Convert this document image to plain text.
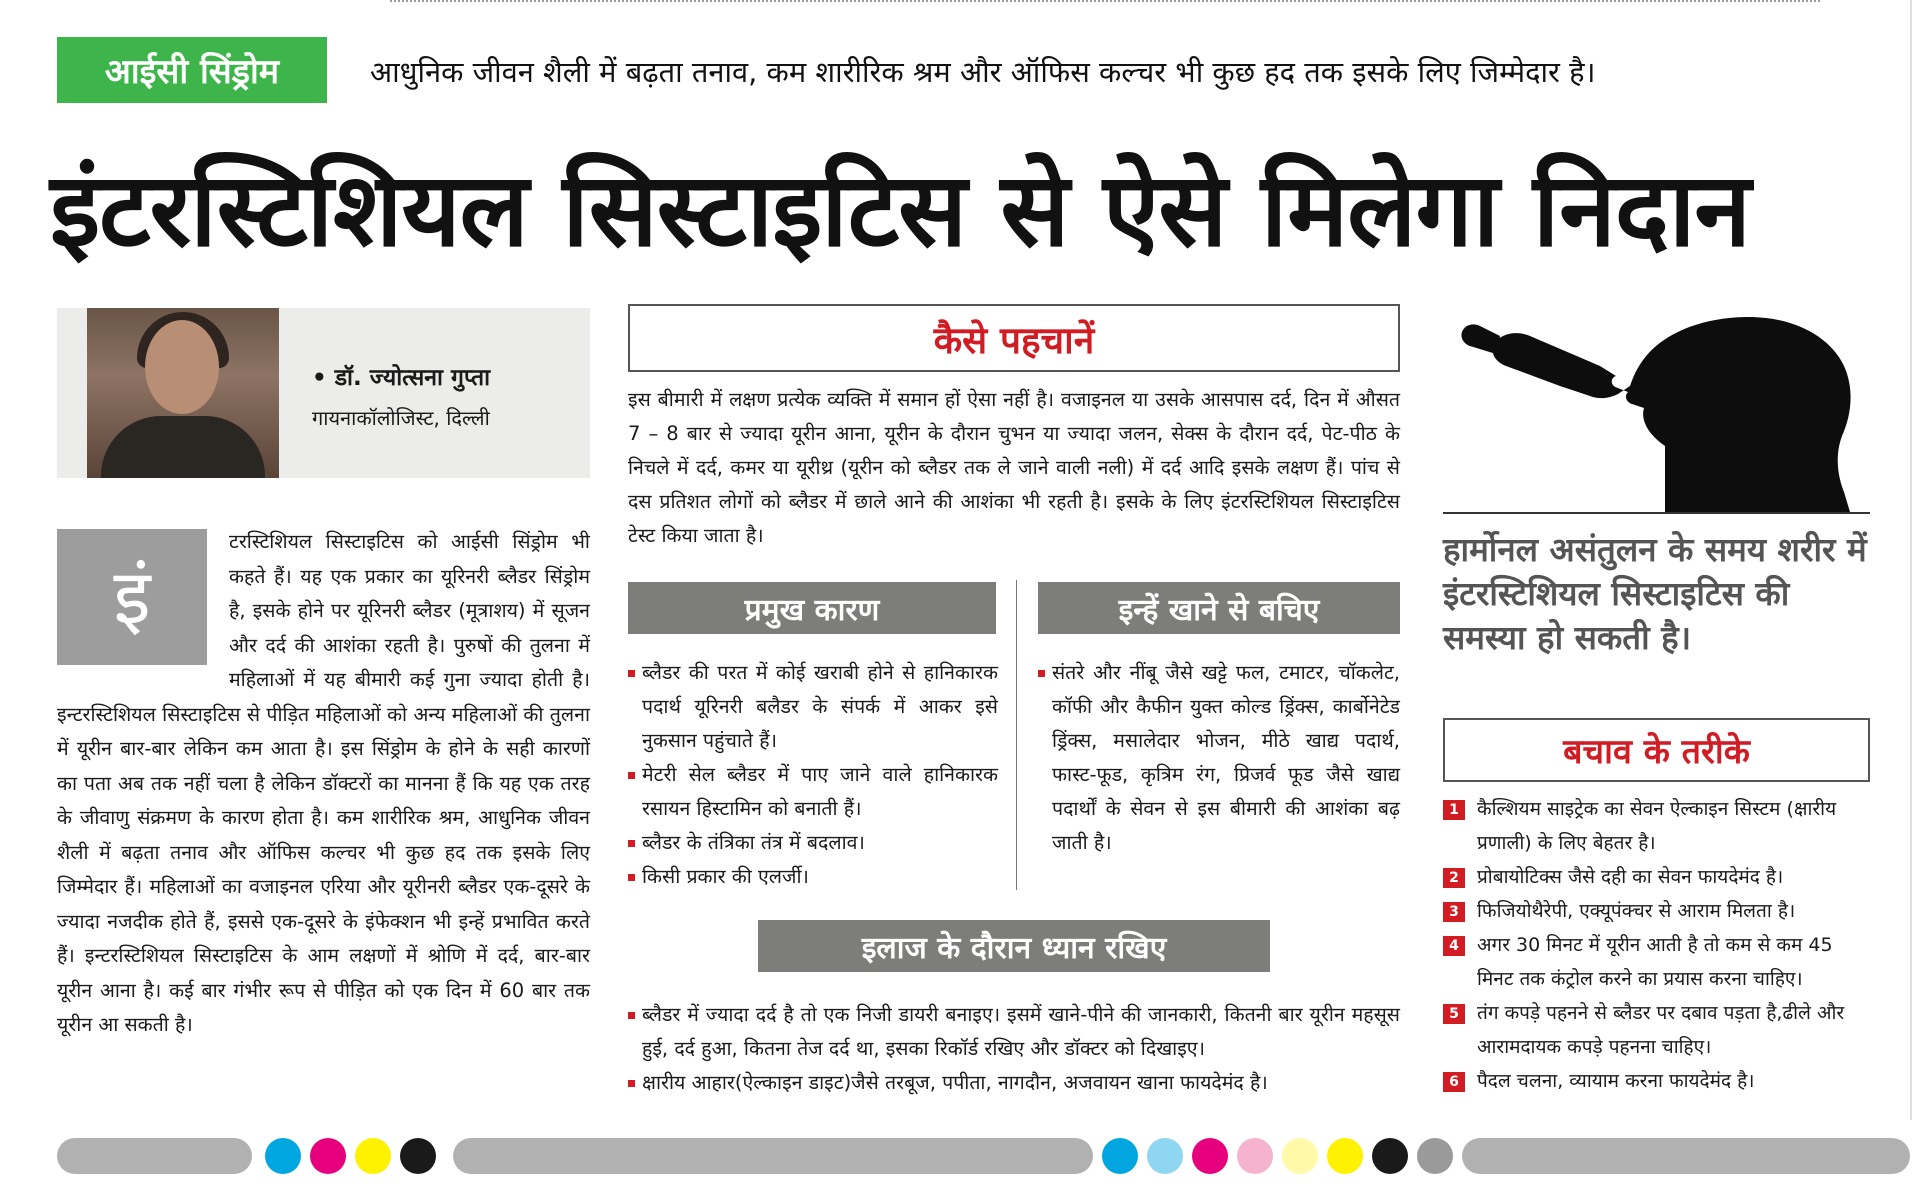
आईसी सिंड्रोम	आधुनिक जीवन शैली में बढ़ता तनाव, कम शारीरिक श्रम और ऑफिस कल्चर भी कुछ हद तक इसके लिए जिम्मेदार है।
इंटरस्टिशियल सिस्टाइटिस से ऐसे मिलेगा निदान
• डॉ. ज्योत्सना गुप्ता
गायनाकॉलोजिस्ट, दिल्ली
इं
टरस्टिशियल सिस्टाइटिस को आईसी सिंड्रोम भी कहते हैं। यह एक प्रकार का यूरिनरी ब्लैडर सिंड्रोम है, इसके होने पर यूरिनरी ब्लैडर (मूत्राशय) में सूजन और दर्द की आशंका रहती है। पुरुषों की तुलना में महिलाओं में यह बीमारी कई गुना ज्यादा होती है। इन्टरस्टिशियल सिस्टाइटिस से पीड़ित महिलाओं को अन्य महिलाओं की तुलना में यूरीन बार-बार लेकिन कम आता है। इस सिंड्रोम के होने के सही कारणों का पता अब तक नहीं चला है लेकिन डॉक्टरों का मानना हैं कि यह एक तरह के जीवाणु संक्रमण के कारण होता है। कम शारीरिक श्रम, आधुनिक जीवन शैली में बढ़ता तनाव और ऑफिस कल्चर भी कुछ हद तक इसके लिए जिम्मेदार हैं। महिलाओं का वजाइनल एरिया और यूरीनरी ब्लैडर एक-दूसरे के ज्यादा नजदीक होते हैं, इससे एक-दूसरे के इंफेक्शन भी इन्हें प्रभावित करते हैं। इन्टरस्टिशियल सिस्टाइटिस के आम लक्षणों में श्रोणि में दर्द, बार-बार यूरीन आना है। कई बार गंभीर रूप से पीड़ित को एक दिन में 60 बार तक यूरीन आ सकती है।
कैसे पहचानें
इस बीमारी में लक्षण प्रत्येक व्यक्ति में समान हों ऐसा नहीं है। वजाइनल या उसके आसपास दर्द, दिन में औसत 7 – 8 बार से ज्यादा यूरीन आना, यूरीन के दौरान चुभन या ज्यादा जलन, सेक्स के दौरान दर्द, पेट-पीठ के निचले में दर्द, कमर या यूरीथ्र (यूरीन को ब्लैडर तक ले जाने वाली नली) में दर्द आदि इसके लक्षण हैं। पांच से दस प्रतिशत लोगों को ब्लैडर में छाले आने की आशंका भी रहती है। इसके के लिए इंटरस्टिशियल सिस्टाइटिस टेस्ट किया जाता है।
प्रमुख कारण	इन्हें खाने से बचिए
ब्लैडर की परत में कोई खराबी होने से हानिकारक पदार्थ यूरिनरी बलैडर के संपर्क में आकर इसे नुकसान पहुंचाते हैं।
मेटरी सेल ब्लैडर में पाए जाने वाले हानिकारक रसायन हिस्टामिन को बनाती हैं।
ब्लैडर के तंत्रिका तंत्र में बदलाव।
किसी प्रकार की एलर्जी।
संतरे और नींबू जैसे खट्टे फल, टमाटर, चॉकलेट, कॉफी और कैफीन युक्त कोल्ड ड्रिंक्स, कार्बोनेटेड ड्रिंक्स, मसालेदार भोजन, मीठे खाद्य पदार्थ, फास्ट-फूड, कृत्रिम रंग, प्रिजर्व फूड जैसे खाद्य पदार्थों के सेवन से इस बीमारी की आशंका बढ़ जाती है।
इलाज के दौरान ध्यान रखिए
ब्लैडर में ज्यादा दर्द है तो एक निजी डायरी बनाइए। इसमें खाने-पीने की जानकारी, कितनी बार यूरीन महसूस हुई, दर्द हुआ, कितना तेज दर्द था, इसका रिकॉर्ड रखिए और डॉक्टर को दिखाइए।
क्षारीय आहार(ऐल्काइन डाइट)जैसे तरबूज, पपीता, नागदौन, अजवायन खाना फायदेमंद है।
हार्मोनल असंतुलन के समय शरीर में इंटरस्टिशियल सिस्टाइटिस की समस्या हो सकती है।
बचाव के तरीके
1 कैल्शियम साइट्रेक का सेवन ऐल्काइन सिस्टम (क्षारीय प्रणाली) के लिए बेहतर है।
2 प्रोबायोटिक्स जैसे दही का सेवन फायदेमंद है।
3 फिजियोथैरेपी, एक्यूपंक्चर से आराम मिलता है।
4 अगर 30 मिनट में यूरीन आती है तो कम से कम 45 मिनट तक कंट्रोल करने का प्रयास करना चाहिए।
5 तंग कपड़े पहनने से ब्लैडर पर दबाव पड़ता है,ढीले और आरामदायक कपड़े पहनना चाहिए।
6 पैदल चलना, व्यायाम करना फायदेमंद है।
